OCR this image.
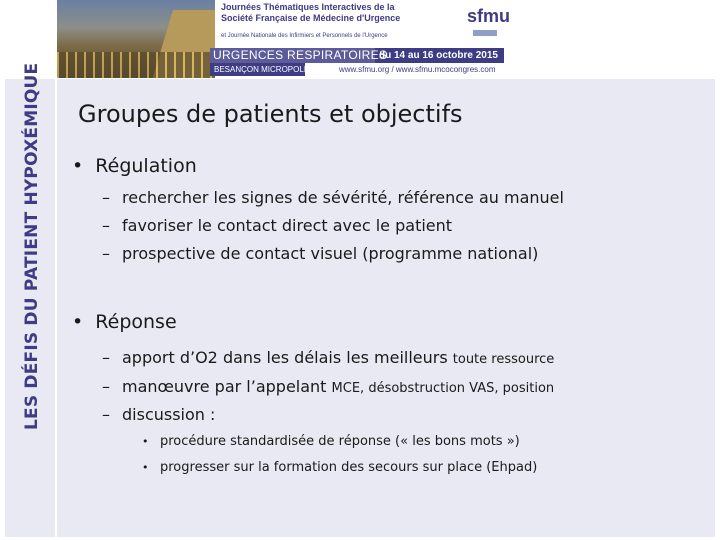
LES DÉFIS DU PATIENT HYPOXÉMIQUE
Journées Thématiques Interactives de la
Société Française de Médecine d'Urgence
et Journée Nationale des Infirmiers et Personnels de l'Urgence
sfmu
URGENCES RESPIRATOIRES
du 14 au 16 octobre 2015
BESANÇON MICROPOLIS	www.sfmu.org / www.sfmu.mcocongres.com
Groupes de patients et objectifs
•  Régulation
– rechercher les signes de sévérité, référence au manuel
– favoriser le contact direct avec le patient
– prospective de contact visuel (programme national)
•  Réponse
– apport d’O2 dans les délais les meilleurs toute ressource
– manœuvre par l’appelant MCE, désobstruction VAS, position
– discussion :
• procédure standardisée de réponse (« les bons mots »)
• progresser sur la formation des secours sur place (Ehpad)
